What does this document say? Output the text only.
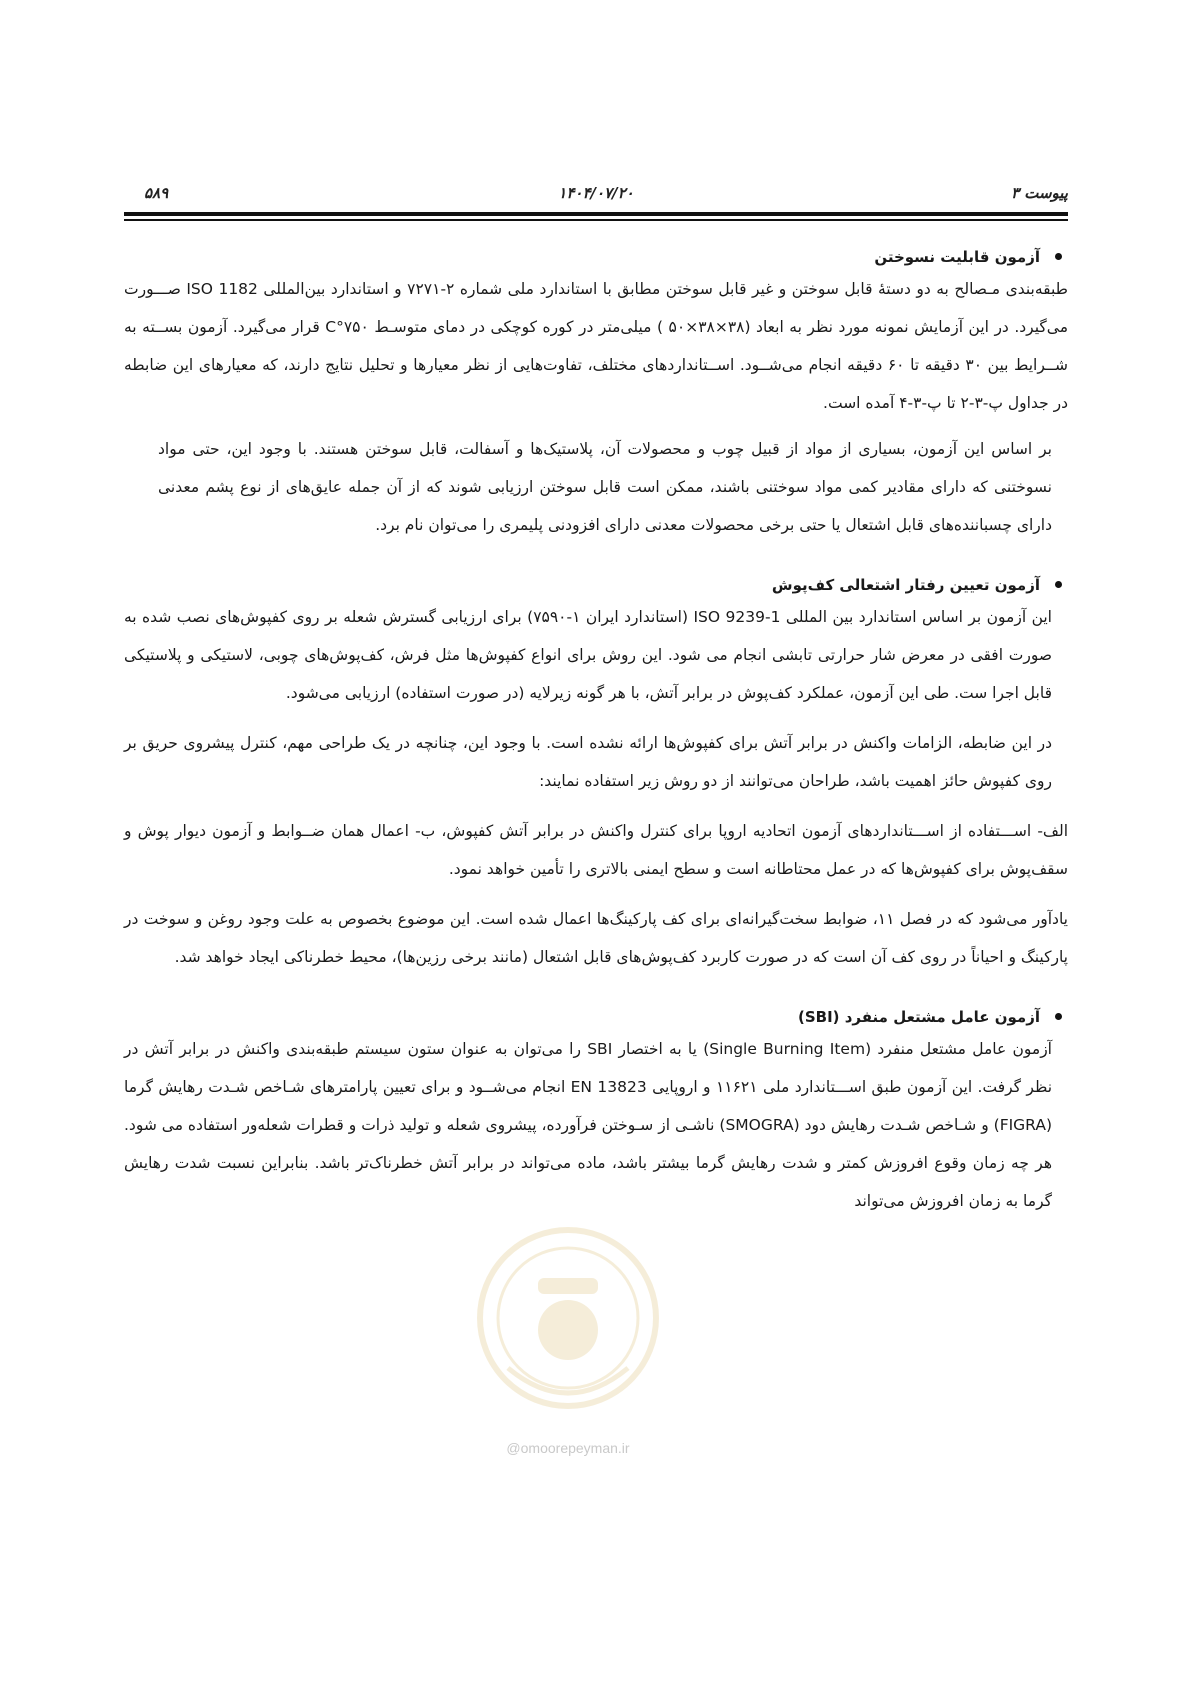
پیوست ۳
۱۴۰۴/۰۷/۲۰
۵۸۹
آزمون قابلیت نسوختن

طبقه‌بندی مـصالح به دو دستۀ قابل سوختن و غیر قابل سوختن مطابق با استاندارد ملی شماره ۲-۷۲۷۱ و استاندارد بین‌المللی ISO 1182 صـــورت می‌گیرد. در این آزمایش نمونه مورد نظر به ابعاد (۳۸×۳۸×۵۰ ) میلی‌متر در کوره کوچکی در دمای متوسـط ۷۵۰°C قرار می‌گیرد. آزمون بســته به شــرایط بین ۳۰ دقیقه تا ۶۰ دقیقه انجام می‌شــود. اســتانداردهای مختلف، تفاوت‌هایی از نظر معیارها و تحلیل نتایج دارند، که معیارهای این ضابطه در جداول پ-۳-۲ تا پ-۳-۴ آمده است.

بر اساس این آزمون، بسیاری از مواد از قبیل چوب و محصولات آن، پلاستیک‌ها و آسفالت، قابل سوختن هستند. با وجود این، حتی مواد نسوختنی که دارای مقادیر کمی مواد سوختنی باشند، ممکن است قابل سوختن ارزیابی شوند که از آن جمله عایق‌های از نوع پشم معدنی دارای چسباننده‌های قابل اشتعال یا حتی برخی محصولات معدنی دارای افزودنی پلیمری را می‌توان نام برد.

آزمون تعیین رفتار اشتعالی کف‌پوش

این آزمون بر اساس استاندارد بین المللی ISO 9239-1 (استاندارد ایران ۱-۷۵۹۰) برای ارزیابی گسترش شعله بر روی کفپوش‌های نصب شده به صورت افقی در معرض شار حرارتی تابشی انجام می شود. این روش برای انواع کفپوش‌ها مثل فرش، کف‌پوش‌های چوبی، لاستیکی و پلاستیکی قابل اجرا ست. طی این آزمون، عملکرد کف‌پوش در برابر آتش، با هر گونه زیرلایه (در صورت استفاده) ارزیابی می‌شود.

در این ضابطه، الزامات واکنش در برابر آتش برای کفپوش‌ها ارائه نشده است. با وجود این، چنانچه در یک طراحی مهم، کنترل پیشروی حریق بر روی کفپوش حائز اهمیت باشد، طراحان می‌توانند از دو روش زیر استفاده نمایند:

الف- اســـتفاده از اســـتانداردهای آزمون اتحادیه اروپا برای کنترل واکنش در برابر آتش کفپوش، ب- اعمال همان ضــوابط و آزمون دیوار پوش و سقف‌پوش برای کفپوش‌ها که در عمل محتاطانه است و سطح ایمنی بالاتری را تأمین خواهد نمود.

یادآور می‌شود که در فصل ۱۱، ضوابط سخت‌گیرانه‌ای برای کف پارکینگ‌ها اعمال شده است. این موضوع بخصوص به علت وجود روغن و سوخت در پارکینگ و احیاناً در روی کف آن است که در صورت کاربرد کف‌پوش‌های قابل اشتعال (مانند برخی رزین‌ها)، محیط خطرناکی ایجاد خواهد شد.

آزمون عامل مشتعل منفرد (SBI)

آزمون عامل مشتعل منفرد (Single Burning Item) یا به اختصار SBI را می‌توان به عنوان ستون سیستم طبقه‌بندی واکنش در برابر آتش در نظر گرفت. این آزمون طبق اســـتاندارد ملی ۱۱۶۲۱ و اروپایی EN 13823 انجام می‌شــود و برای تعیین پارامترهای شـاخص شـدت رهایش گرما (FIGRA) و شـاخص شـدت رهایش دود (SMOGRA) ناشـی از سـوختن فرآورده، پیشروی شعله و تولید ذرات و قطرات شعله‌ور استفاده می شود. هر چه زمان وقوع افروزش کمتر و شدت رهایش گرما بیشتر باشد، ماده می‌تواند در برابر آتش خطرناک‌تر باشد. بنابراین نسبت شدت رهایش گرما به زمان افروزش می‌تواند

@omoorepeyman.ir
